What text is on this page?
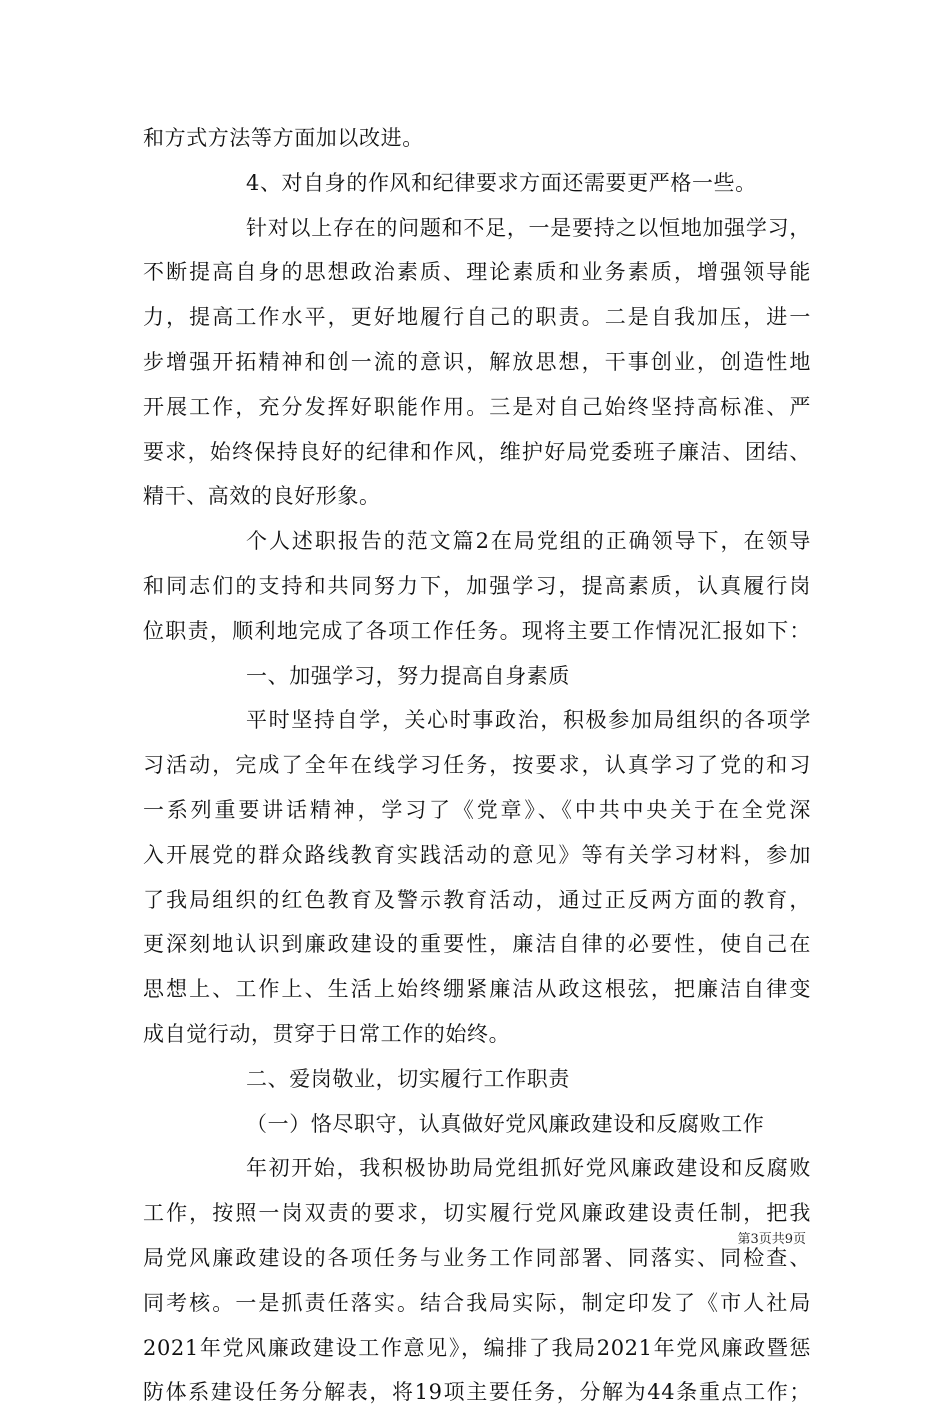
和方式方法等方面加以改进。
4、对自身的作风和纪律要求方面还需要更严格一些。
针对以上存在的问题和不足，一是要持之以恒地加强学习，
不断提高自身的思想政治素质、理论素质和业务素质，增强领导能
力，提高工作水平，更好地履行自己的职责。二是自我加压，进一
步增强开拓精神和创一流的意识，解放思想，干事创业，创造性地
开展工作，充分发挥好职能作用。三是对自己始终坚持高标准、严
要求，始终保持良好的纪律和作风，维护好局党委班子廉洁、团结、
精干、高效的良好形象。
个人述职报告的范文篇2在局党组的正确领导下，在领导
和同志们的支持和共同努力下，加强学习，提高素质，认真履行岗
位职责，顺利地完成了各项工作任务。现将主要工作情况汇报如下：
一、加强学习，努力提高自身素质
平时坚持自学，关心时事政治，积极参加局组织的各项学
习活动，完成了全年在线学习任务，按要求，认真学习了党的和习
一系列重要讲话精神，学习了《党章》、《中共中央关于在全党深
入开展党的群众路线教育实践活动的意见》等有关学习材料，参加
了我局组织的红色教育及警示教育活动，通过正反两方面的教育，
更深刻地认识到廉政建设的重要性，廉洁自律的必要性，使自己在
思想上、工作上、生活上始终绷紧廉洁从政这根弦，把廉洁自律变
成自觉行动，贯穿于日常工作的始终。
二、爱岗敬业，切实履行工作职责
（一）恪尽职守，认真做好党风廉政建设和反腐败工作
年初开始，我积极协助局党组抓好党风廉政建设和反腐败
工作，按照一岗双责的要求，切实履行党风廉政建设责任制，把我
局党风廉政建设的各项任务与业务工作同部署、同落实、同检查、
同考核。一是抓责任落实。结合我局实际，制定印发了《市人社局
2021年党风廉政建设工作意见》，编排了我局2021年党风廉政暨惩
防体系建设任务分解表，将19项主要任务，分解为44条重点工作；
第3页共9页
